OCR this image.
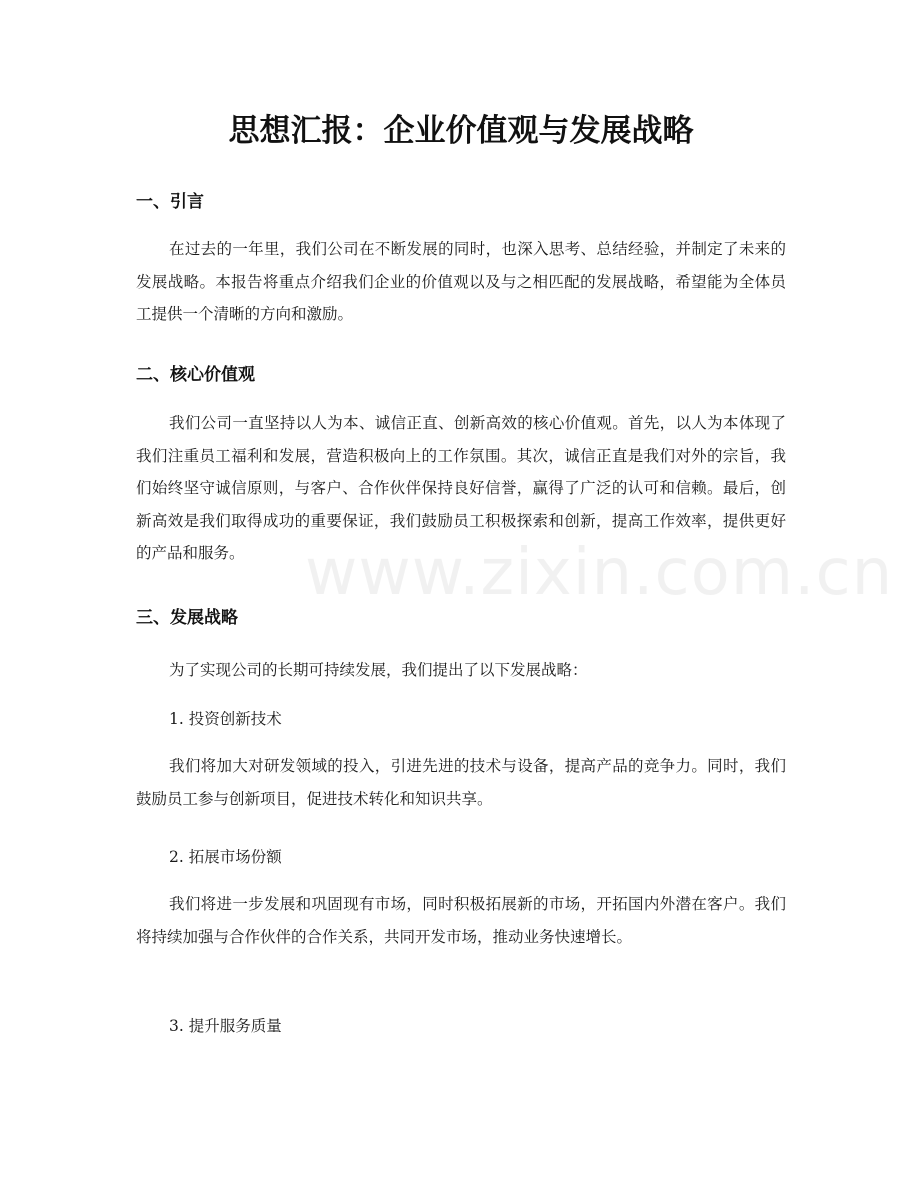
思想汇报：企业价值观与发展战略
一、引言

在过去的一年里，我们公司在不断发展的同时，也深入思考、总结经验，并制定了未来的发展战略。本报告将重点介绍我们企业的价值观以及与之相匹配的发展战略，希望能为全体员工提供一个清晰的方向和激励。

二、核心价值观

我们公司一直坚持以人为本、诚信正直、创新高效的核心价值观。首先，以人为本体现了我们注重员工福利和发展，营造积极向上的工作氛围。其次，诚信正直是我们对外的宗旨，我们始终坚守诚信原则，与客户、合作伙伴保持良好信誉，赢得了广泛的认可和信赖。最后，创新高效是我们取得成功的重要保证，我们鼓励员工积极探索和创新，提高工作效率，提供更好的产品和服务。

三、发展战略

为了实现公司的长期可持续发展，我们提出了以下发展战略：

1. 投资创新技术

我们将加大对研发领域的投入，引进先进的技术与设备，提高产品的竞争力。同时，我们鼓励员工参与创新项目，促进技术转化和知识共享。

2. 拓展市场份额

我们将进一步发展和巩固现有市场，同时积极拓展新的市场，开拓国内外潜在客户。我们将持续加强与合作伙伴的合作关系，共同开发市场，推动业务快速增长。

3. 提升服务质量

www.zixin.com.cn
